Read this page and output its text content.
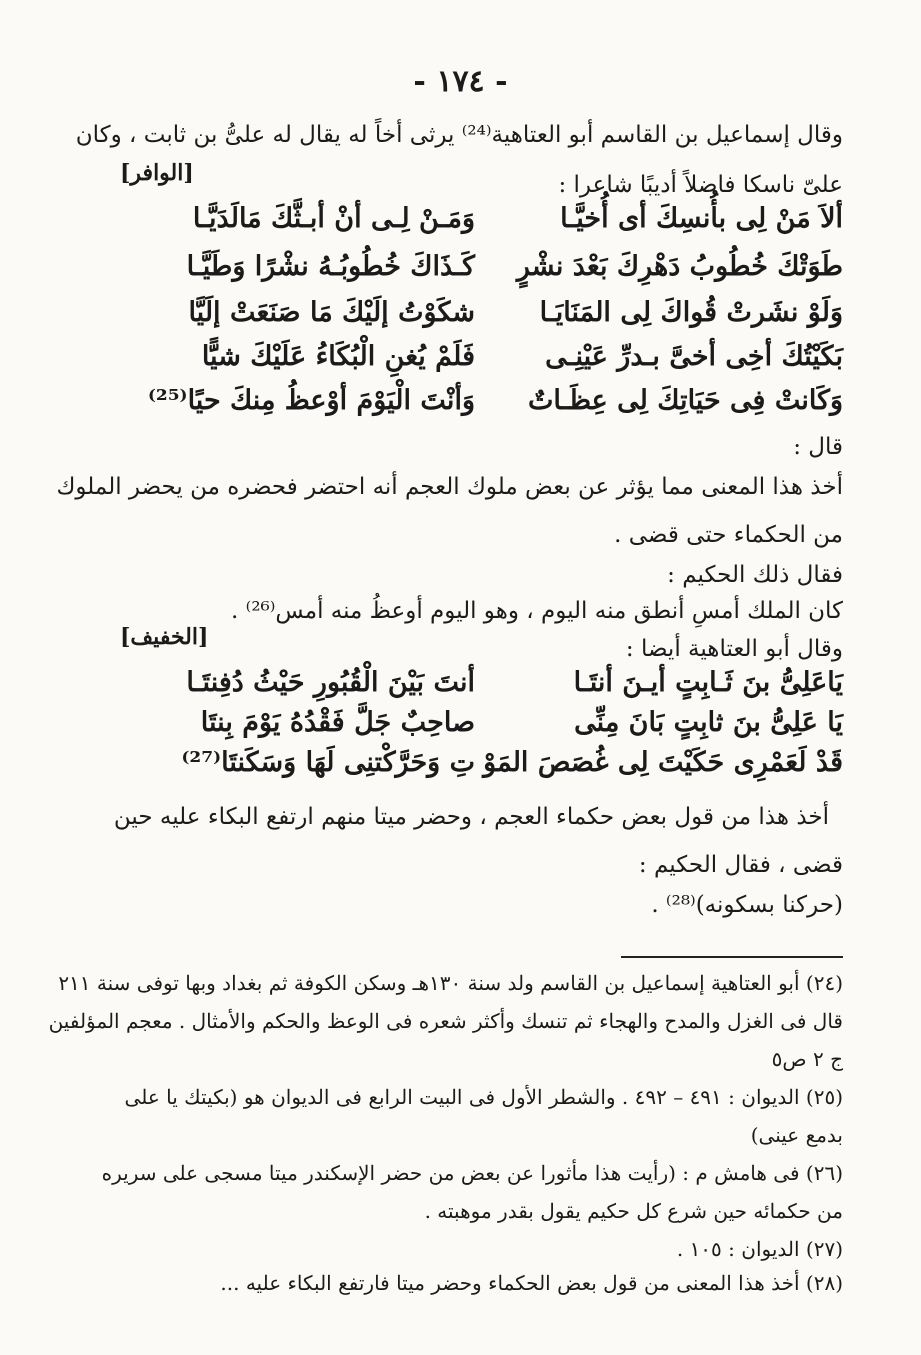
- ١٧٤ -
وقال إسماعيل بن القاسم أبو العتاهية⁽²⁴⁾ يرثى أخاً له يقال له علىُّ بن ثابت ، وكان
علىّ ناسكا فاضلاً أديبًا شاعرا :
[الوافر]
ألاَ مَنْ لِى بأُنسِكَ أى أُخيَّـا
وَمَـنْ لِـى أنْ أبـثَّكَ مَالَدَيَّـا
طَوَتْكَ خُطُوبُ دَهْرِكَ بَعْدَ نشْرٍ
كَـذَاكَ خُطُوبُـهُ نشْرًا وَطَيَّـا
وَلَوْ نشَرتْ قُواكَ لِى المَنَايَـا
شكَوْتُ إلَيْكَ مَا صَنَعَتْ إلَيَّا
بَكَيْتُكَ أخِى أخىَّ بـدرِّ عَيْنِـى
فَلَمْ يُغنِ الْبُكَاءُ عَلَيْكَ شيًَّا
وَكَانتْ فِى حَيَاتِكَ لِى عِظَـاتٌ
وَأنْتَ الْيَوْمَ أوْعظُ مِنكَ حيًا⁽²⁵⁾
قال :
أخذ هذا المعنى مما يؤثر عن بعض ملوك العجم أنه احتضر فحضره من يحضر الملوك
من الحكماء حتى قضى .
فقال ذلك الحكيم :
كان الملك أمسِ أنطق منه اليوم ، وهو اليوم أوعظُ منه أمس⁽²⁶⁾ .
وقال أبو العتاهية أيضا :
[الخفيف]
يَاعَلِىُّ بنَ ثَـابِتٍ أيـنَ أنتَـا
أنتَ بَيْنَ الْقُبُورِ حَيْثُ دُفِنتَـا
يَا عَلِىُّ بنَ ثابِتٍ بَانَ مِنِّى
صاحِبٌ جَلَّ فَقْدُهُ يَوْمَ بِنتَا
قَدْ لَعَمْرِى حَكَيْتَ لِى غُصَصَ المَوْ
تِ وَحَرَّكْتنِى لَهَا وَسَكَنتَا⁽²⁷⁾
أخذ هذا من قول بعض حكماء العجم ، وحضر ميتا منهم ارتفع البكاء عليه حين
قضى ، فقال الحكيم :
(حركنا بسكونه)⁽²⁸⁾ .
(٢٤) أبو العتاهية إسماعيل بن القاسم ولد سنة ١٣٠هـ وسكن الكوفة ثم بغداد وبها توفى سنة ٢١١
قال فى الغزل والمدح والهجاء ثم تنسك وأكثر شعره فى الوعظ والحكم والأمثال . معجم المؤلفين
ج ٢ ص٥
(٢٥) الديوان : ٤٩١ – ٤٩٢ . والشطر الأول فى البيت الرابع فى الديوان هو (بكيتك يا على
بدمع عينى)
(٢٦) فى هامش م : (رأيت هذا مأثورا عن بعض من حضر الإسكندر ميتا مسجى على سريره
من حكمائه حين شرع كل حكيم يقول بقدر موهبته .
(٢٧) الديوان : ١٠٥ .
(٢٨) أخذ هذا المعنى من قول بعض الحكماء وحضر ميتا فارتفع البكاء عليه ...
